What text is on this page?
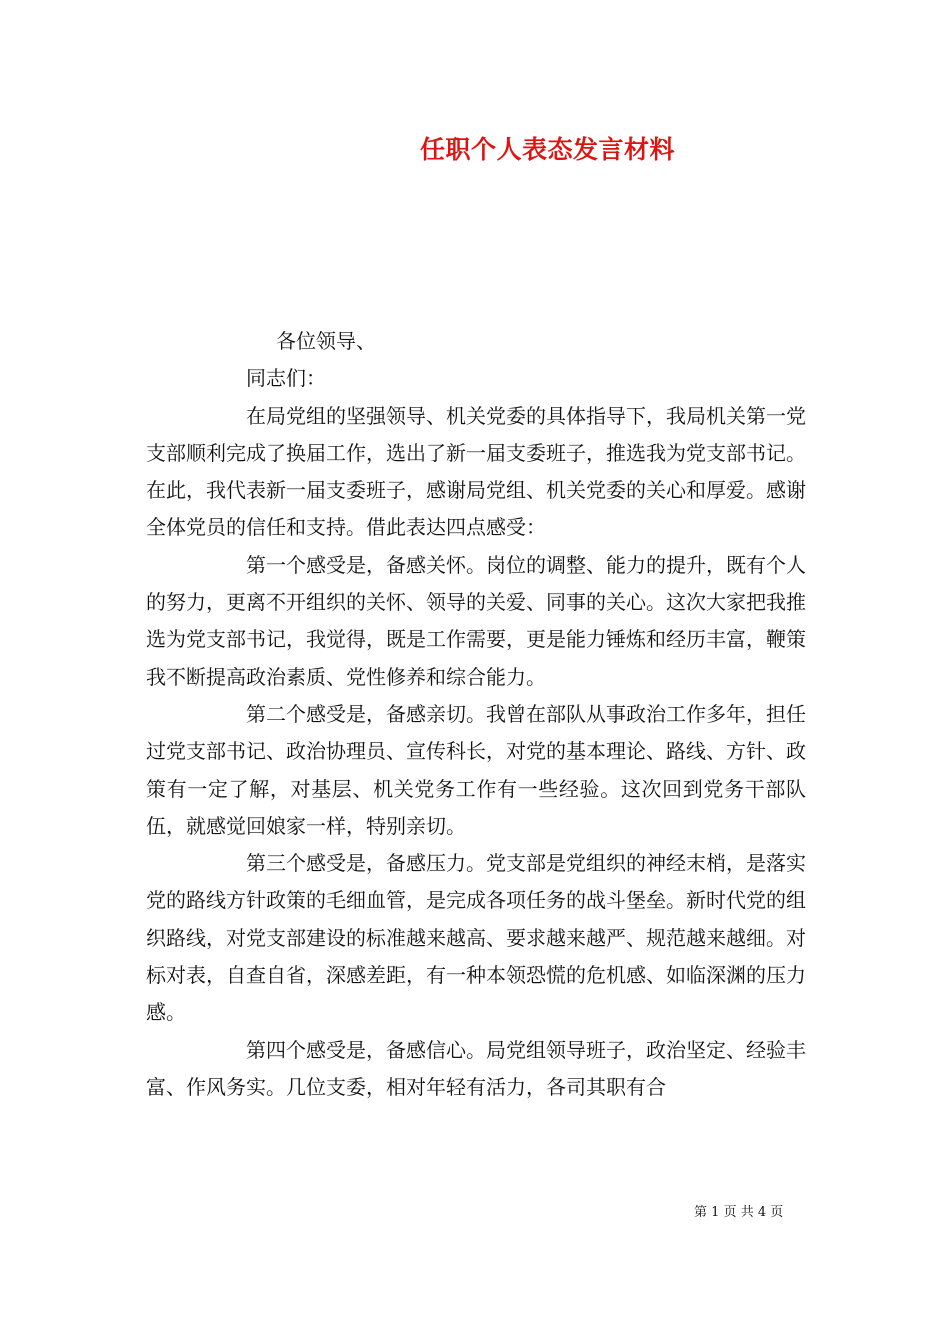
任职个人表态发言材料

各位领导、

同志们：

在局党组的坚强领导、机关党委的具体指导下，我局机关第一党支部顺利完成了换届工作，选出了新一届支委班子，推选我为党支部书记。在此，我代表新一届支委班子，感谢局党组、机关党委的关心和厚爱。感谢全体党员的信任和支持。借此表达四点感受：

第一个感受是，备感关怀。岗位的调整、能力的提升，既有个人的努力，更离不开组织的关怀、领导的关爱、同事的关心。这次大家把我推选为党支部书记，我觉得，既是工作需要，更是能力锤炼和经历丰富，鞭策我不断提高政治素质、党性修养和综合能力。

第二个感受是，备感亲切。我曾在部队从事政治工作多年，担任过党支部书记、政治协理员、宣传科长，对党的基本理论、路线、方针、政策有一定了解，对基层、机关党务工作有一些经验。这次回到党务干部队伍，就感觉回娘家一样，特别亲切。

第三个感受是，备感压力。党支部是党组织的神经末梢，是落实党的路线方针政策的毛细血管，是完成各项任务的战斗堡垒。新时代党的组织路线，对党支部建设的标准越来越高、要求越来越严、规范越来越细。对标对表，自查自省，深感差距，有一种本领恐慌的危机感、如临深渊的压力感。

第四个感受是，备感信心。局党组领导班子，政治坚定、经验丰富、作风务实。几位支委，相对年轻有活力，各司其职有合

第 1 页 共 4 页
